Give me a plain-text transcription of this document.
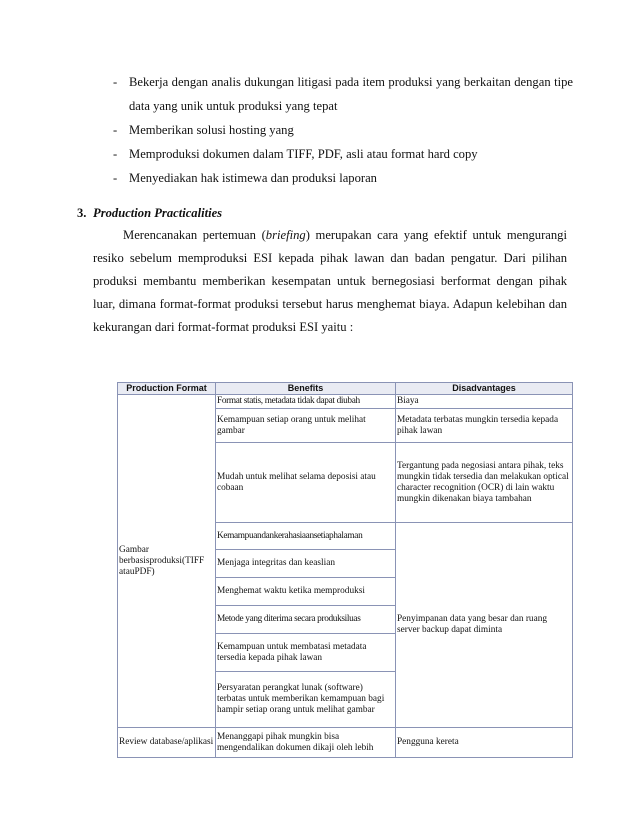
- Bekerja dengan analis dukungan litigasi pada item produksi yang berkaitan dengan tipe data yang unik untuk produksi yang tepat
- Memberikan solusi hosting yang
- Memproduksi dokumen dalam TIFF, PDF, asli atau format hard copy
- Menyediakan hak istimewa dan produksi laporan
3. Production Practicalities
Merencanakan pertemuan (briefing) merupakan cara yang efektif untuk mengurangi resiko sebelum memproduksi ESI kepada pihak lawan dan badan pengatur. Dari pilihan produksi membantu memberikan kesempatan untuk bernegosiasi berformat dengan pihak luar, dimana format-format produksi tersebut harus menghemat biaya. Adapun kelebihan dan kekurangan dari format-format produksi ESI yaitu :
Production Format	Benefits	Disadvantages
Gambar berbasisproduksi(TIFF atauPDF)	Format statis, metadata tidak dapat diubah	Biaya
	Kemampuan setiap orang untuk melihat gambar	Metadata terbatas mungkin tersedia kepada pihak lawan
	Mudah untuk melihat selama deposisi atau cobaan	Tergantung pada negosiasi antara pihak, teks mungkin tidak tersedia dan melakukan optical character recognition (OCR) di lain waktu mungkin dikenakan biaya tambahan
	Kemampuandankerahasiaansetiaphalaman	Penyimpanan data yang besar dan ruang server backup dapat diminta
	Menjaga integritas dan keaslian	
	Menghemat waktu ketika memproduksi	
	Metode yang diterima secara produksiluas	
	Kemampuan untuk membatasi metadata tersedia kepada pihak lawan	
	Persyaratan perangkat lunak (software) terbatas untuk memberikan kemampuan bagi hampir setiap orang untuk melihat gambar	
Review database/aplikasi	Menanggapi pihak mungkin bisa mengendalikan dokumen dikaji oleh lebih	Pengguna kereta
